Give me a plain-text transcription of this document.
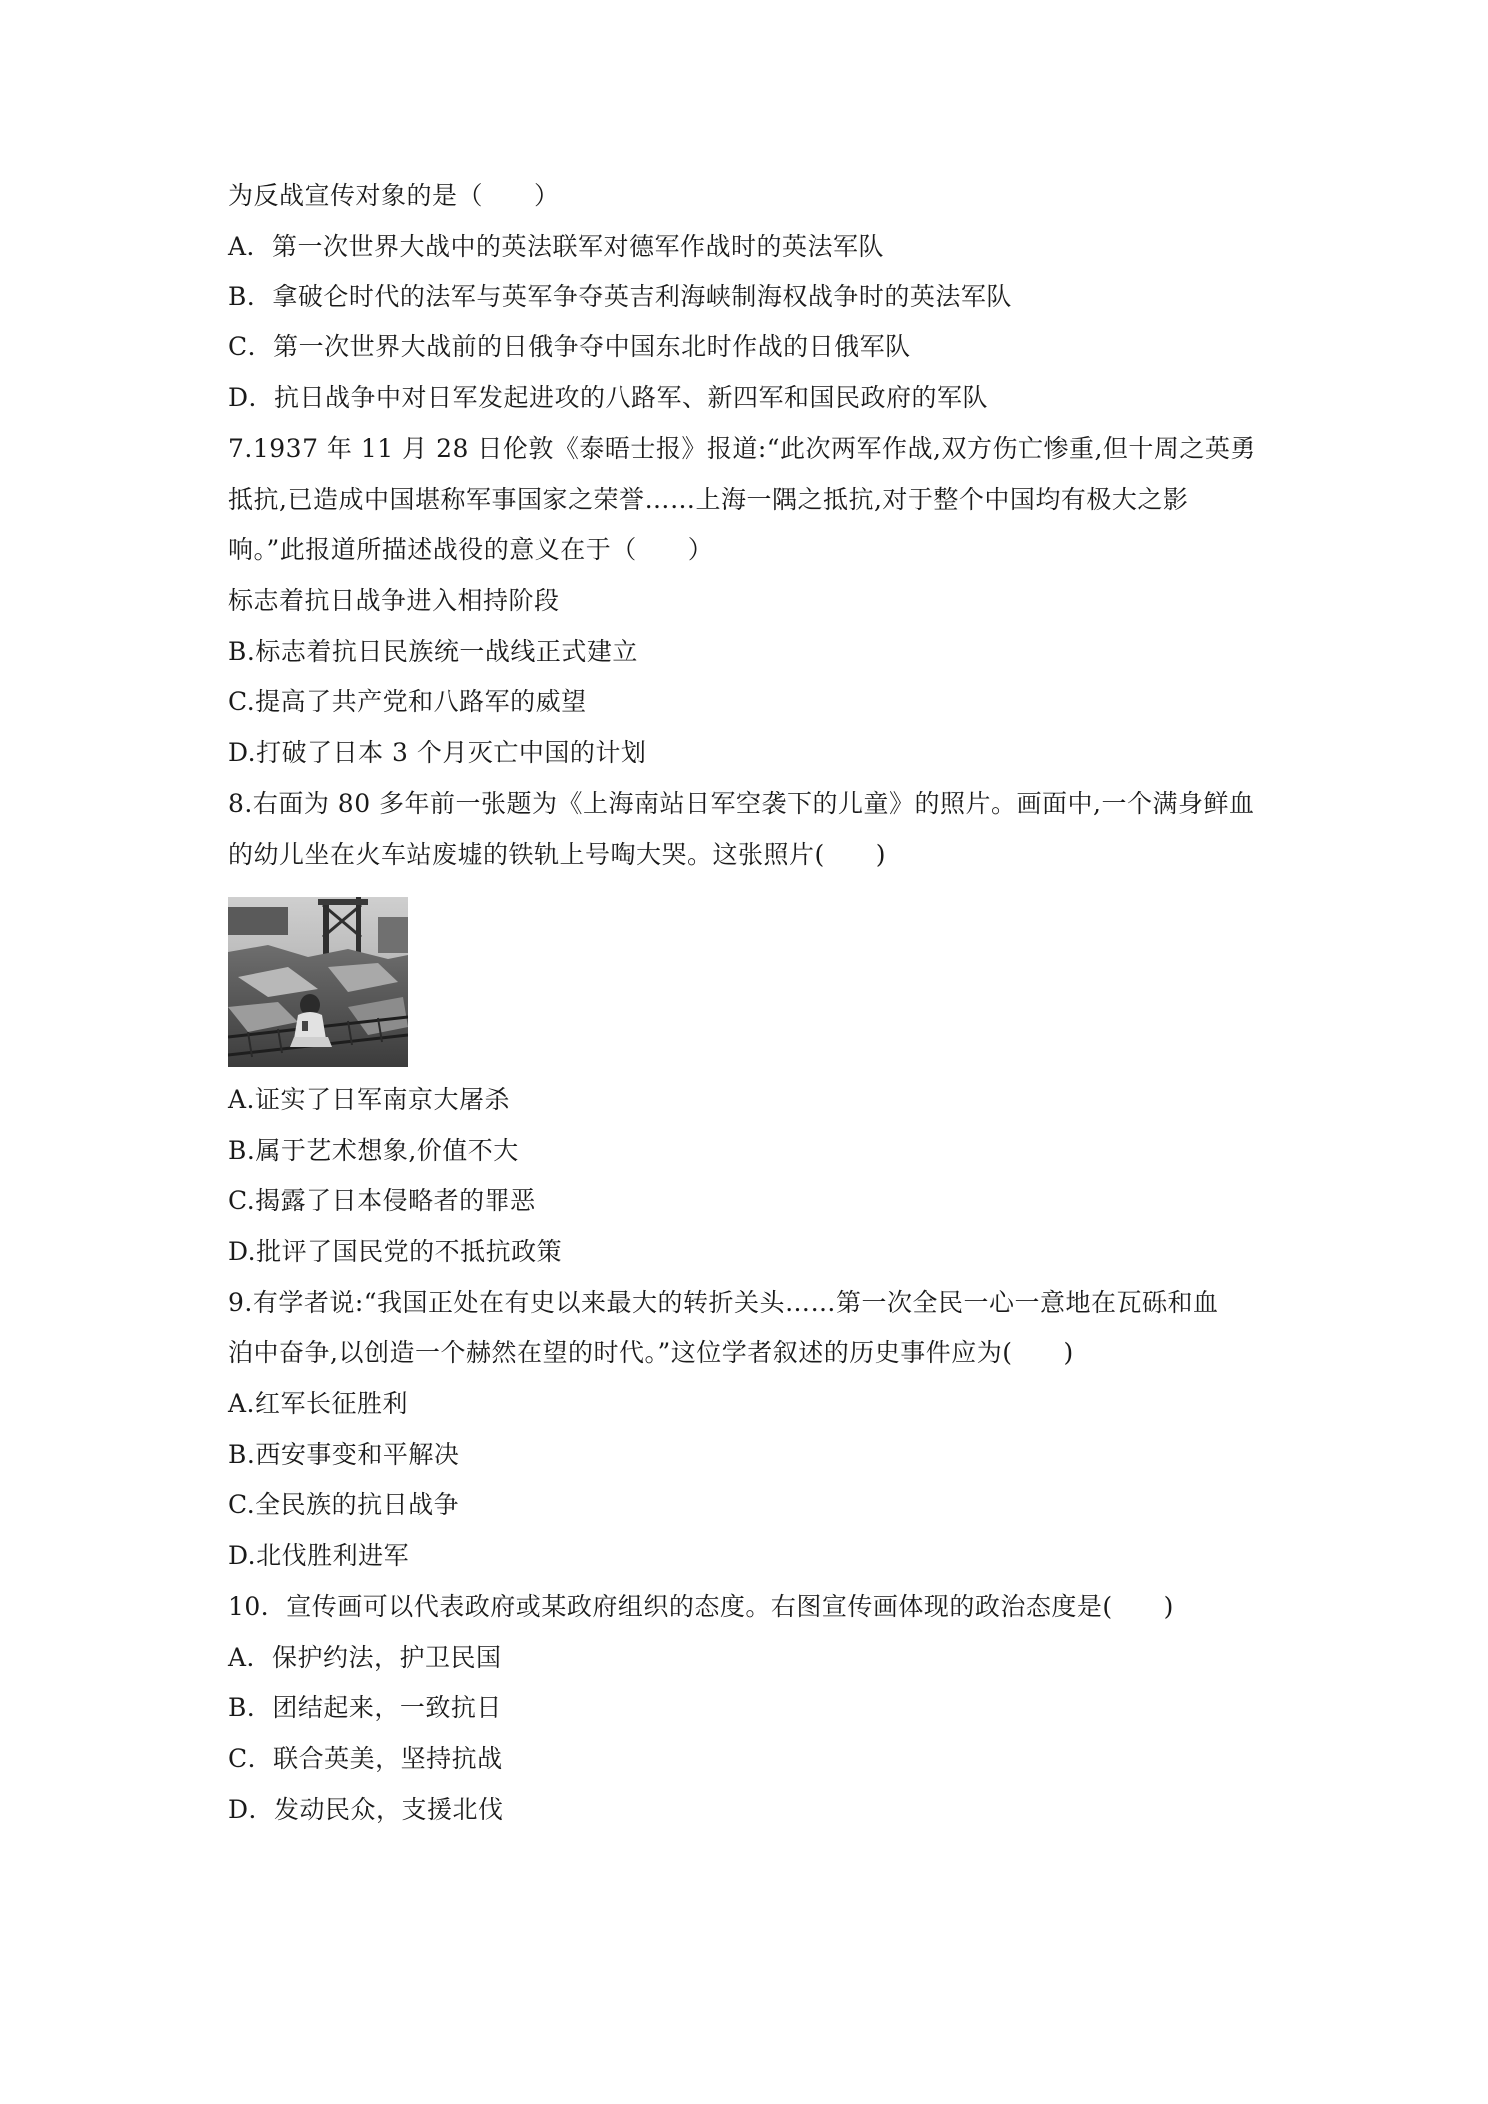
为反战宣传对象的是（　　）
A．第一次世界大战中的英法联军对德军作战时的英法军队
B．拿破仑时代的法军与英军争夺英吉利海峡制海权战争时的英法军队
C．第一次世界大战前的日俄争夺中国东北时作战的日俄军队
D．抗日战争中对日军发起进攻的八路军、新四军和国民政府的军队
7.1937 年 11 月 28 日伦敦《泰晤士报》报道:“此次两军作战,双方伤亡惨重,但十周之英勇
抵抗,已造成中国堪称军事国家之荣誉……上海一隅之抵抗,对于整个中国均有极大之影
响。”此报道所描述战役的意义在于（　　）
标志着抗日战争进入相持阶段
B.标志着抗日民族统一战线正式建立
C.提高了共产党和八路军的威望
D.打破了日本 3 个月灭亡中国的计划
8.右面为 80 多年前一张题为《上海南站日军空袭下的儿童》的照片。画面中,一个满身鲜血
的幼儿坐在火车站废墟的铁轨上号啕大哭。这张照片(　　)
A.证实了日军南京大屠杀
B.属于艺术想象,价值不大
C.揭露了日本侵略者的罪恶
D.批评了国民党的不抵抗政策
9.有学者说:“我国正处在有史以来最大的转折关头……第一次全民一心一意地在瓦砾和血
泊中奋争,以创造一个赫然在望的时代。”这位学者叙述的历史事件应为(　　)
A.红军长征胜利
B.西安事变和平解决
C.全民族的抗日战争
D.北伐胜利进军
10．宣传画可以代表政府或某政府组织的态度。右图宣传画体现的政治态度是(　　)
A．保护约法，护卫民国
B．团结起来，一致抗日
C．联合英美，坚持抗战
D．发动民众，支援北伐
